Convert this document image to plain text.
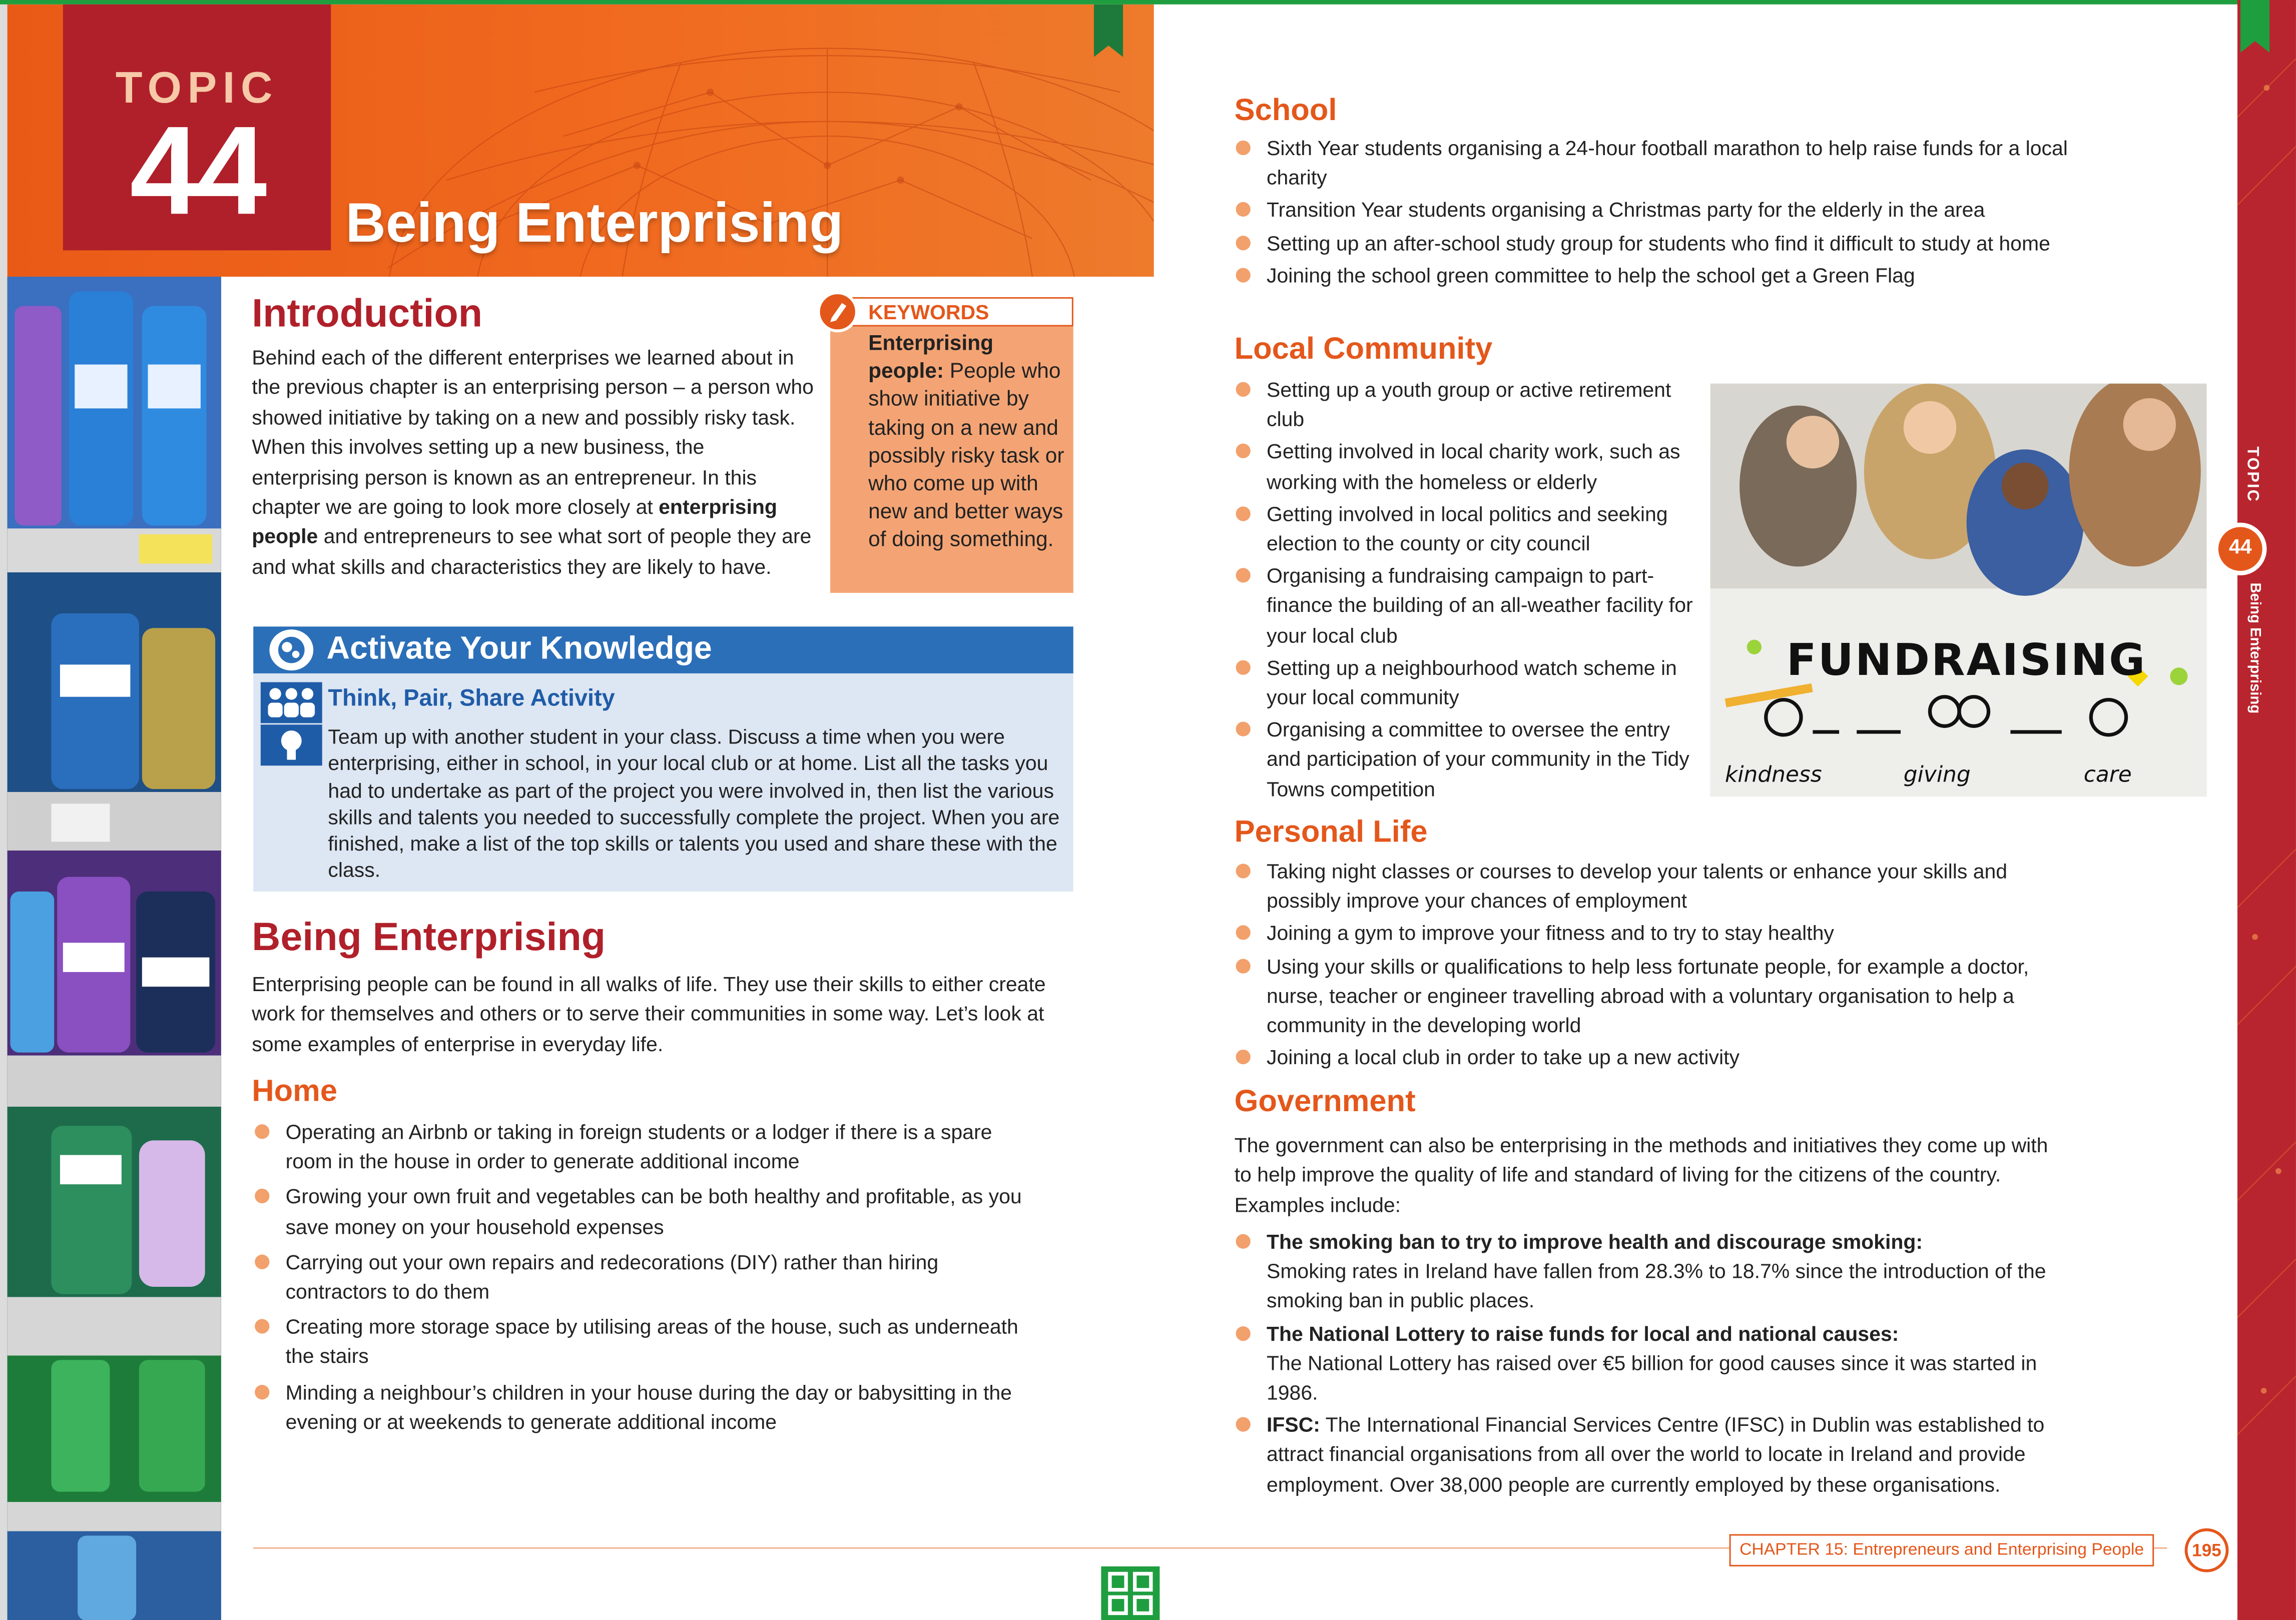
TOPIC
44	Being Enterprising
Introduction
Behind each of the different enterprises we learned about in the previous chapter is an enterprising person – a person who showed initiative by taking on a new and possibly risky task. When this involves setting up a new business, the enterprising person is known as an entrepreneur. In this chapter we are going to look more closely at enterprising people and entrepreneurs to see what sort of people they are and what skills and characteristics they are likely to have.
KEYWORDS
Enterprising people: People who show initiative by taking on a new and possibly risky task or who come up with new and better ways of doing something.
Activate Your Knowledge
Think, Pair, Share Activity
Team up with another student in your class. Discuss a time when you were enterprising, either in school, in your local club or at home. List all the tasks you had to undertake as part of the project you were involved in, then list the various skills and talents you needed to successfully complete the project. When you are finished, make a list of the top skills or talents you used and share these with the class.
Being Enterprising
Enterprising people can be found in all walks of life. They use their skills to either create work for themselves and others or to serve their communities in some way. Let’s look at some examples of enterprise in everyday life.
Home
Operating an Airbnb or taking in foreign students or a lodger if there is a spare room in the house in order to generate additional income
Growing your own fruit and vegetables can be both healthy and profitable, as you save money on your household expenses
Carrying out your own repairs and redecorations (DIY) rather than hiring contractors to do them
Creating more storage space by utilising areas of the house, such as underneath the stairs
Minding a neighbour’s children in your house during the day or babysitting in the evening or at weekends to generate additional income
School
Sixth Year students organising a 24-hour football marathon to help raise funds for a local charity
Transition Year students organising a Christmas party for the elderly in the area
Setting up an after-school study group for students who find it difficult to study at home
Joining the school green committee to help the school get a Green Flag
Local Community
Setting up a youth group or active retirement club
Getting involved in local charity work, such as working with the homeless or elderly
Getting involved in local politics and seeking election to the county or city council
Organising a fundraising campaign to part-finance the building of an all-weather facility for your local club
Setting up a neighbourhood watch scheme in your local community
Organising a committee to oversee the entry and participation of your community in the Tidy Towns competition
FUNDRAISING
kindness	giving	care
Personal Life
Taking night classes or courses to develop your talents or enhance your skills and possibly improve your chances of employment
Joining a gym to improve your fitness and to try to stay healthy
Using your skills or qualifications to help less fortunate people, for example a doctor, nurse, teacher or engineer travelling abroad with a voluntary organisation to help a community in the developing world
Joining a local club in order to take up a new activity
Government
The government can also be enterprising in the methods and initiatives they come up with to help improve the quality of life and standard of living for the citizens of the country. Examples include:
The smoking ban to try to improve health and discourage smoking:
Smoking rates in Ireland have fallen from 28.3% to 18.7% since the introduction of the smoking ban in public places.
The National Lottery to raise funds for local and national causes:
The National Lottery has raised over €5 billion for good causes since it was started in 1986.
IFSC: The International Financial Services Centre (IFSC) in Dublin was established to attract financial organisations from all over the world to locate in Ireland and provide employment. Over 38,000 people are currently employed by these organisations.
TOPIC
44
Being Enterprising
CHAPTER 15: Entrepreneurs and Enterprising People	195
